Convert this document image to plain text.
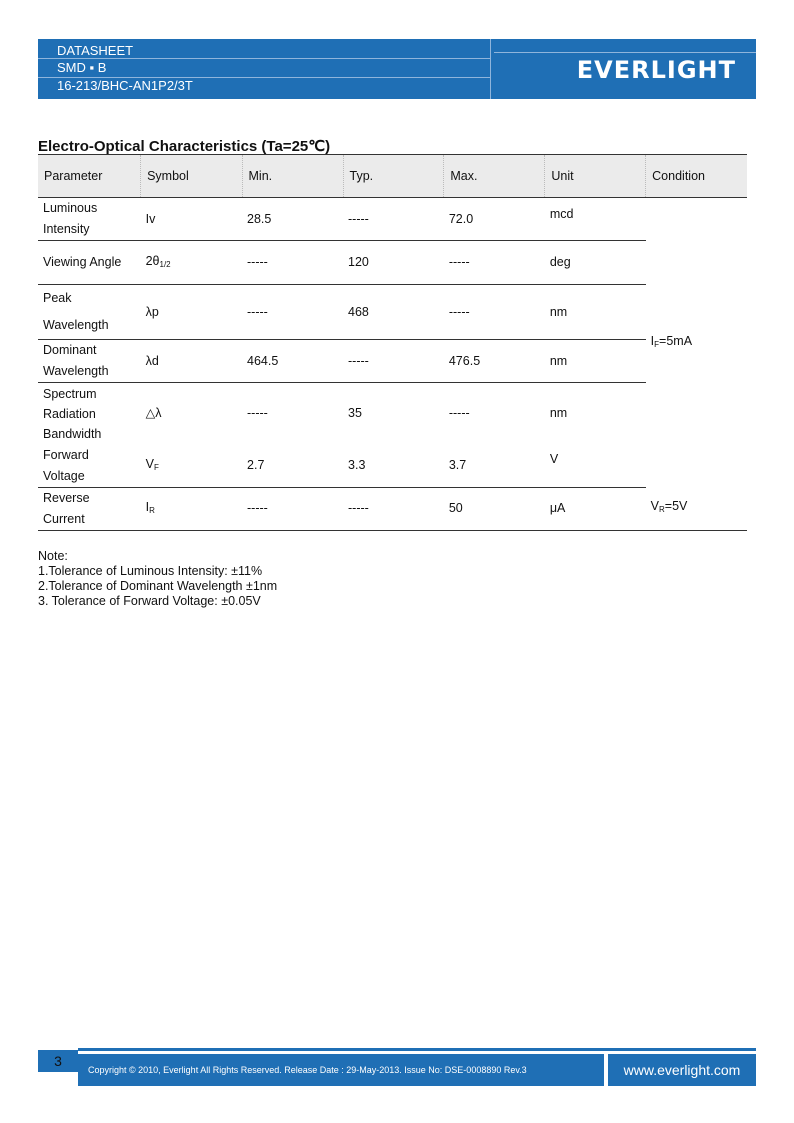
DATASHEET
SMD ▪ B
16-213/BHC-AN1P2/3T
EVERLIGHT
Electro-Optical Characteristics (Ta=25℃)
Parameter	Symbol	Min.	Typ.	Max.	Unit	Condition
Luminous
Intensity	Iv	28.5	-----	72.0	mcd	$I_F=5mA$
Viewing Angle	$2\theta_{1/2}$	-----	120	-----	deg	
Peak
Wavelength	λp	-----	468	-----	nm	
Dominant
Wavelength	λd	464.5	-----	476.5	nm	
Spectrum
Radiation
Bandwidth	△λ	-----	35	-----	nm	
Forward
Voltage	$V_F$	2.7	3.3	3.7	V	
Reverse
Current	$I_R$	-----	-----	50	μA	$V_R=5V$
Note:
1.Tolerance of Luminous Intensity: ±11%
2.Tolerance of Dominant Wavelength ±1nm
3. Tolerance of Forward Voltage: ±0.05V
3
Copyright © 2010, Everlight All Rights Reserved. Release Date : 29-May-2013. Issue No: DSE-0008890 Rev.3	www.everlight.com
